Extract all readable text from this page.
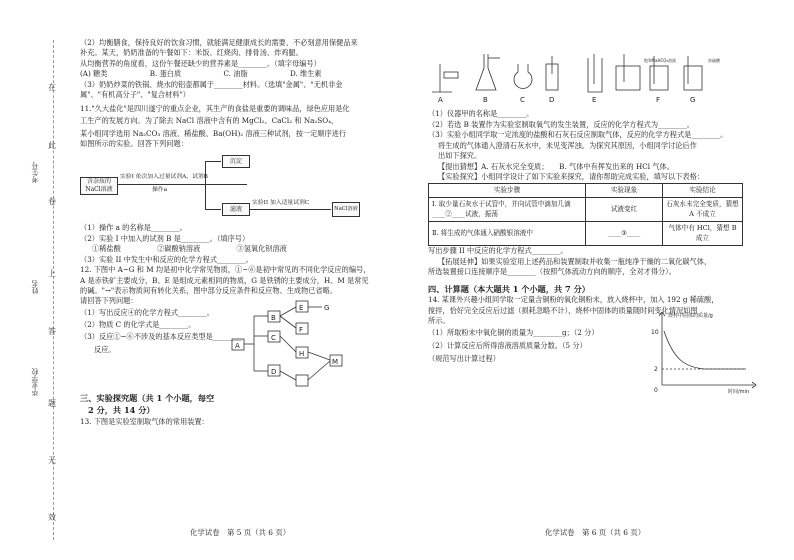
在
此
卷
上
答
题
无
效
考生号
姓名
毕业学校

（2）均衡膳食，保持良好的饮食习惯，就能满足健康成长的需要，不必刻意用保健品来

补充。某天，奶奶准备的午餐如下：米饭、红烧肉、排骨汤、炸鸡腿。

从均衡营养的角度看，这份午餐还缺少的营养素是________。（填字母编号）

(A) 糖类	B. 蛋白质	C. 油脂	D. 维生素

（3）奶奶炒菜的铁锅、烧水的铝壶都属于________材料。（选填"金属"、"无机非金

属"、"有机高分子"、"复合材料"）

11."久大盐化"是四川遂宁的重点企业，其生产的食盐是重要的调味品，绿色应用是化

工生产的发展方向。为了除去 NaCl 溶液中含有的 MgCl₂、CaCl₂ 和 Na₂SO₄，

某小组同学选用 Na₂CO₃ 溶液、稀盐酸、Ba(OH)₂ 溶液三种试剂，按一定顺序进行

如图所示的实验。回答下列问题：

含杂质的NaCl溶液
实验I 依次加入过量试剂A、试剂B
操作a
沉淀
滤液
实验II 加入适量试剂C
NaCl溶液

（1）操作 a 的名称是________。

（2）实验 I 中加入的试剂 B 是________。（填序号）

①稀盐酸	②碳酸钠溶液	③氢氧化钡溶液

（3）实验 II 中发生中和反应的化学方程式________。

12. 下图中 A~G 和 M 均是初中化学常见物质，①~⑥是初中常见的不同化学反应的编号，

A 是赤铁矿主要成分，B、E 是组成元素相同的物质，G 是铁锈的主要成分，H、M 是常见

的碱。"→"表示物质间有转化关系，图中部分反应条件和反应物、生成物已省略。

请回答下列问题：

（1）写出反应④的化学方程式________。

（2）物质 C 的化学式是________。

（3）反应①~⑥不涉及的基本反应类型是________

反应。	A
B
C
D
E
F
G
H
M

三、实验探究题（共 1 个小题，每空

2 分，共 14 分）

13. 下图是实验室制取气体的常用装置：

化学试卷　第 5 页（共 6 页）
A	B	C	D	E	F	G
饱和NaHCO₃溶液	浓硫酸

（1）仪器甲的名称是________。

（2）若选 B 装置作为实验室制取氧气的发生装置，反应的化学方程式为________。

（3）实验小组同学取一定浓度的盐酸和石灰石反应制取气体，反应的化学方程式是________。

将生成的气体通入澄清石灰水中，未见变浑浊。为探究其原因，小组同学讨论后作

出如下探究。

【提出猜想】A. 石灰水完全变质；　　B. 气体中有挥发出来的 HCl 气体。

【实验探究】小组同学设计了如下实验来探究，请你帮助完成实验，填写以下表格：

实验步骤	实验现象	实验结论
Ⅰ. 取少量石灰水于试管中，并向试管中滴加几滴____②____试液，振荡	试液变红	石灰水未完全变质，猜想 A 不成立
Ⅱ. 将生成的气体通入硝酸银溶液中	____③____	气体中有 HCl，猜想 B 成立

写出步骤 II 中反应的化学方程式________。

【拓展延伸】如果实验室用上述药品和装置制取并收集一瓶纯净干燥的二氧化碳气体，

所选装置接口连接顺序是________（按照气体流动方向的顺序，全对才得分）。

四、计算题（本大题共 1 个小题，共 7 分）

14. 某课外兴趣小组同学取一定量含铜粉的氧化铜粉末，放入烧杯中，加入 192 g 稀硫酸，

搅拌，恰好完全反应后过滤（损耗忽略不计），烧杯中固体的质量随时间变化情况如图

所示。

（1）所取粉末中氧化铜的质量为________g；（2 分）

（2）计算反应后所得溶液溶质质量分数。（5 分）

（规范写出计算过程）

烧杯中固体的质量/g
10
2
0	时间/min
化学试卷　第 6 页（共 6 页）
